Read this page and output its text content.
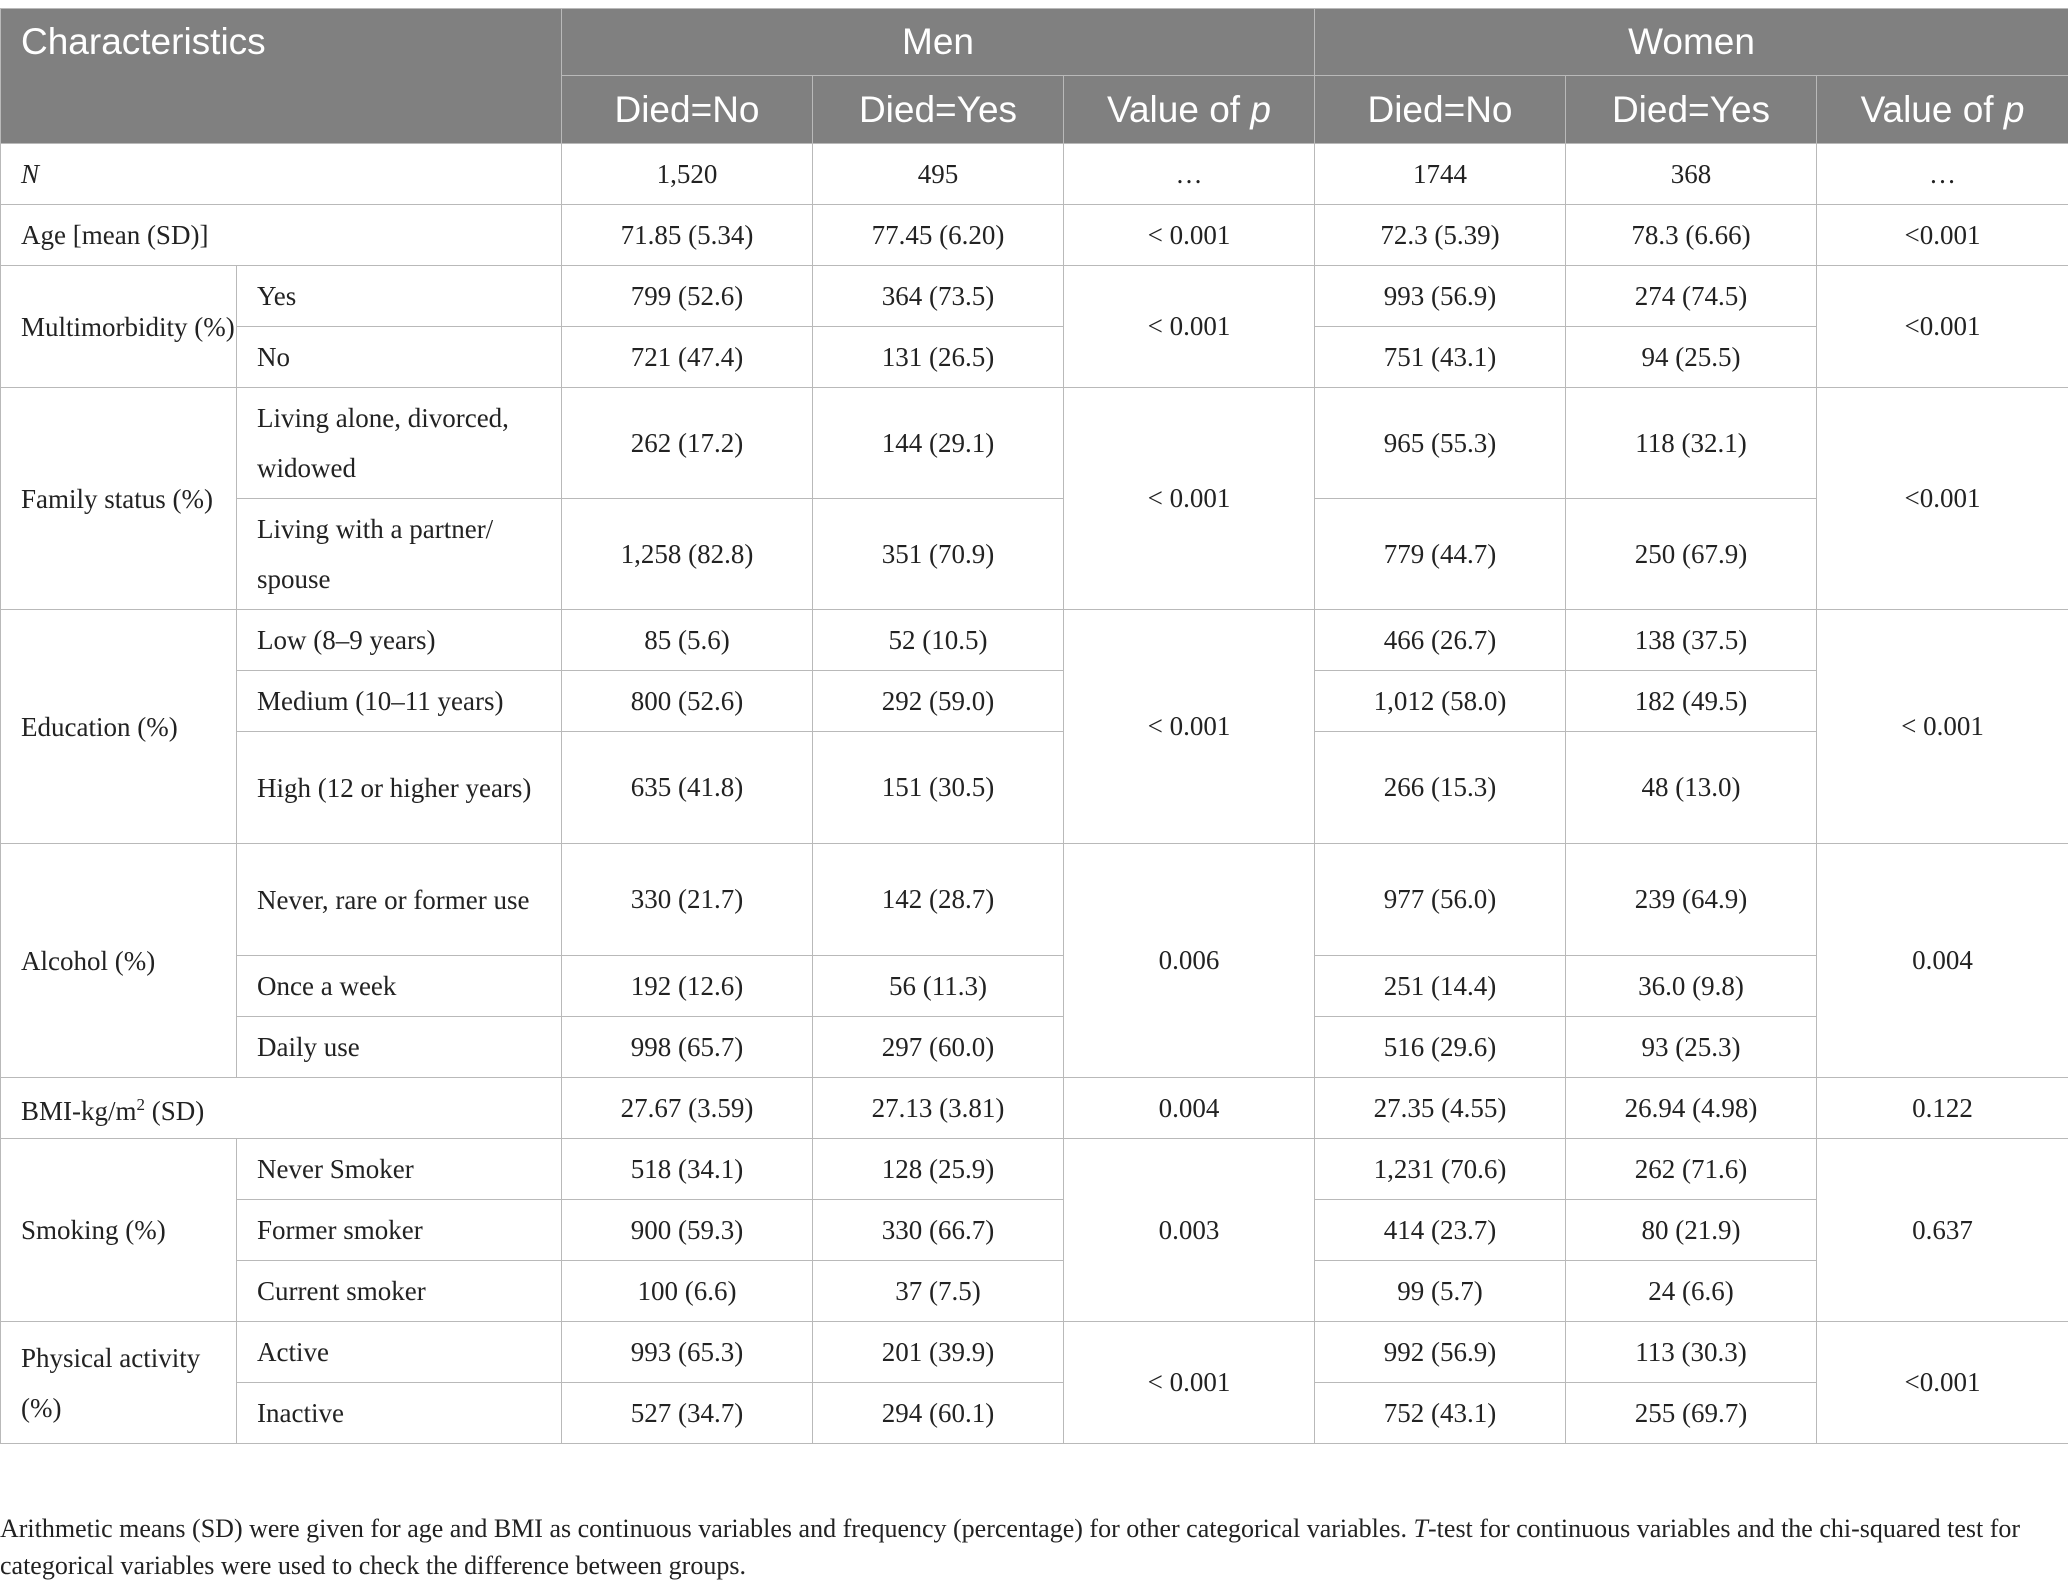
Characteristics		Men			Women		
		Died=No	Died=Yes	Value of p	Died=No	Died=Yes	Value of p
N		1,520	495	…	1744	368	…
Age [mean (SD)]		71.85 (5.34)	77.45 (6.20)	< 0.001	72.3 (5.39)	78.3 (6.66)	<0.001
Multimorbidity (%)	Yes	799 (52.6)	364 (73.5)	< 0.001	993 (56.9)	274 (74.5)	<0.001
	No	721 (47.4)	131 (26.5)		751 (43.1)	94 (25.5)	
Family status (%)	Living alone, divorced, widowed	262 (17.2)	144 (29.1)	< 0.001	965 (55.3)	118 (32.1)	<0.001
	Living with a partner/ spouse	1,258 (82.8)	351 (70.9)		779 (44.7)	250 (67.9)	
Education (%)	Low (8–9 years)	85 (5.6)	52 (10.5)	< 0.001	466 (26.7)	138 (37.5)	< 0.001
	Medium (10–11 years)	800 (52.6)	292 (59.0)		1,012 (58.0)	182 (49.5)	
	High (12 or higher years)	635 (41.8)	151 (30.5)		266 (15.3)	48 (13.0)	
Alcohol (%)	Never, rare or former use	330 (21.7)	142 (28.7)	0.006	977 (56.0)	239 (64.9)	0.004
	Once a week	192 (12.6)	56 (11.3)		251 (14.4)	36.0 (9.8)	
	Daily use	998 (65.7)	297 (60.0)		516 (29.6)	93 (25.3)	
BMI-$kg/m^2$ (SD)		27.67 (3.59)	27.13 (3.81)	0.004	27.35 (4.55)	26.94 (4.98)	0.122
Smoking (%)	Never Smoker	518 (34.1)	128 (25.9)	0.003	1,231 (70.6)	262 (71.6)	0.637
	Former smoker	900 (59.3)	330 (66.7)		414 (23.7)	80 (21.9)	
	Current smoker	100 (6.6)	37 (7.5)		99 (5.7)	24 (6.6)	
Physical activity (%)	Active	993 (65.3)	201 (39.9)	< 0.001	992 (56.9)	113 (30.3)	<0.001
	Inactive	527 (34.7)	294 (60.1)		752 (43.1)	255 (69.7)	
Arithmetic means (SD) were given for age and BMI as continuous variables and frequency (percentage) for other categorical variables. T-test for continuous variables and the chi-squared test for categorical variables were used to check the difference between groups.
